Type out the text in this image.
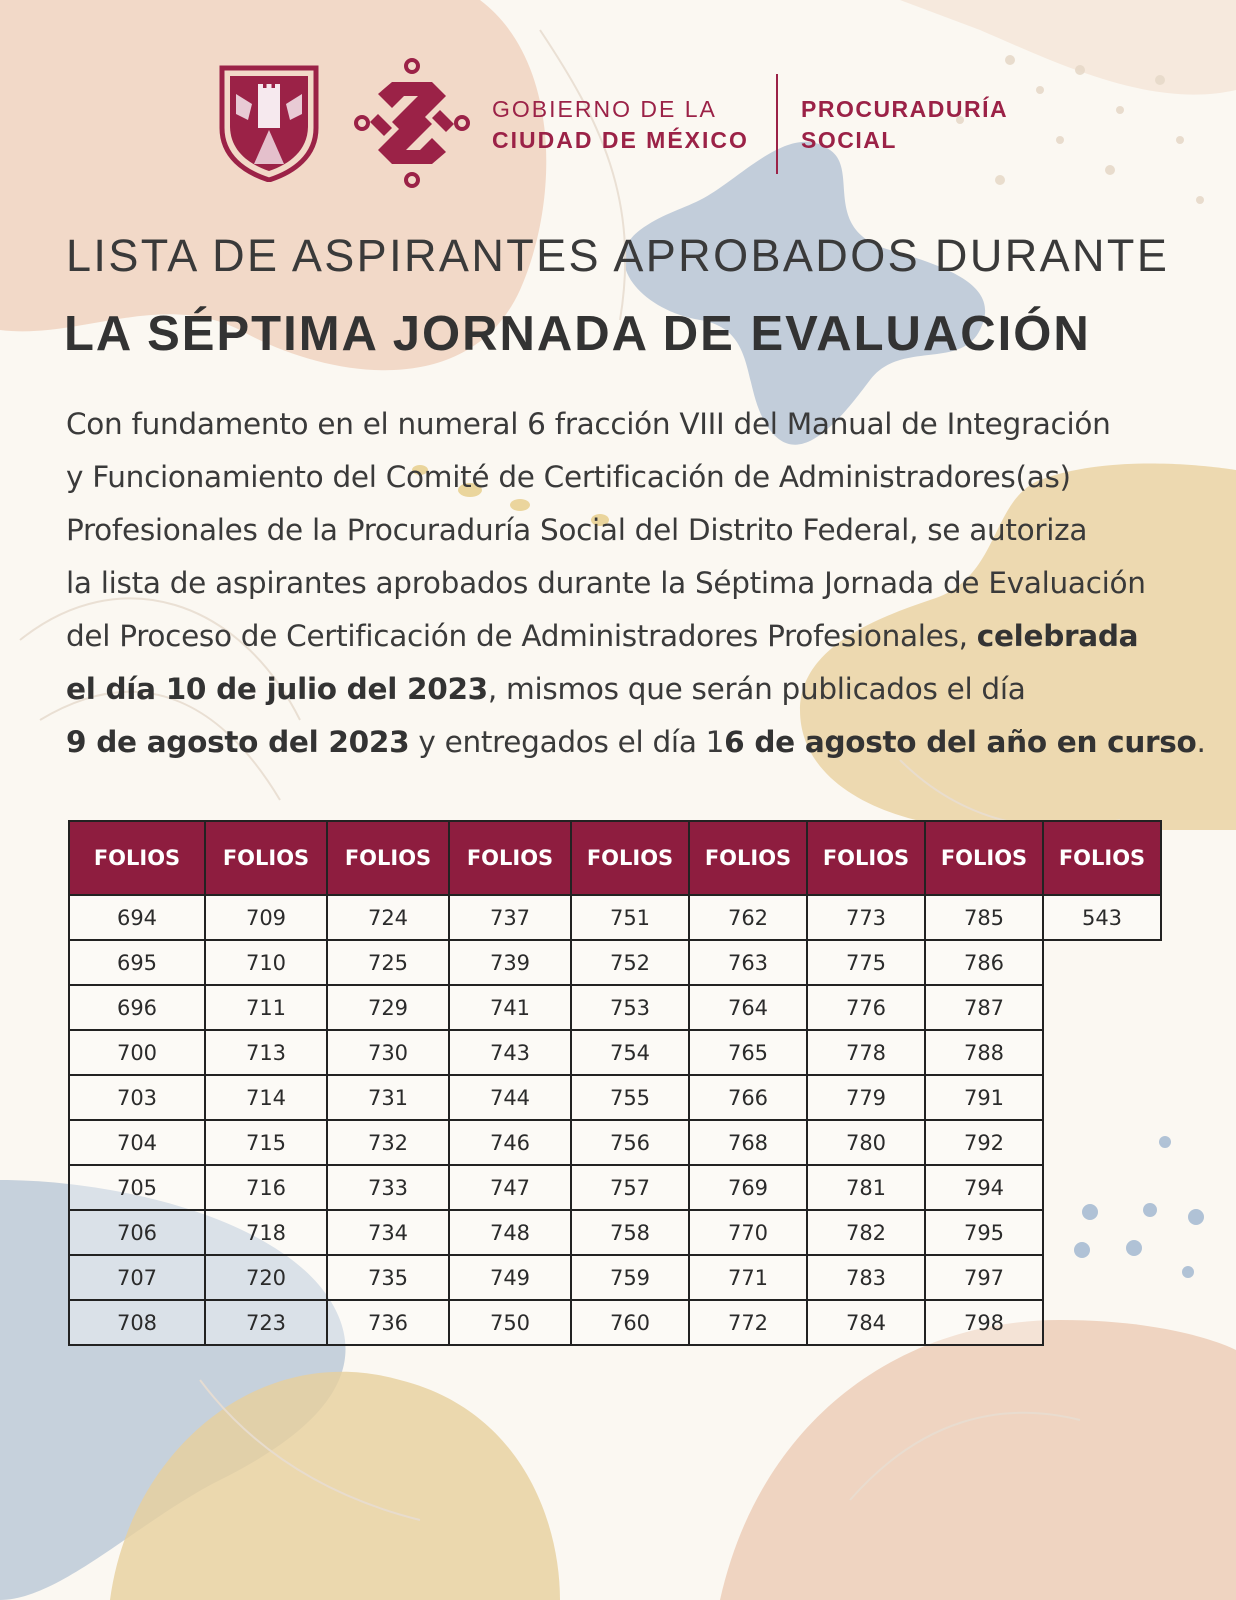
GOBIERNO DE LA
CIUDAD DE MÉXICO
PROCURADURÍA
SOCIAL
LISTA DE ASPIRANTES APROBADOS DURANTE
LA SÉPTIMA JORNADA DE EVALUACIÓN
Con fundamento en el numeral 6 fracción VIII del Manual de Integración
y Funcionamiento del Comité de Certificación de Administradores(as)
Profesionales de la Procuraduría Social del Distrito Federal, se autoriza
la lista de aspirantes aprobados durante la Séptima Jornada de Evaluación
del Proceso de Certificación de Administradores Profesionales, celebrada
el día 10 de julio del 2023, mismos que serán publicados el día
9 de agosto del 2023 y entregados el día 16 de agosto del año en curso.
FOLIOS	FOLIOS	FOLIOS	FOLIOS	FOLIOS	FOLIOS	FOLIOS	FOLIOS	FOLIOS
694	709	724	737	751	762	773	785	543
695	710	725	739	752	763	775	786	
696	711	729	741	753	764	776	787	
700	713	730	743	754	765	778	788	
703	714	731	744	755	766	779	791	
704	715	732	746	756	768	780	792	
705	716	733	747	757	769	781	794	
706	718	734	748	758	770	782	795	
707	720	735	749	759	771	783	797	
708	723	736	750	760	772	784	798	
